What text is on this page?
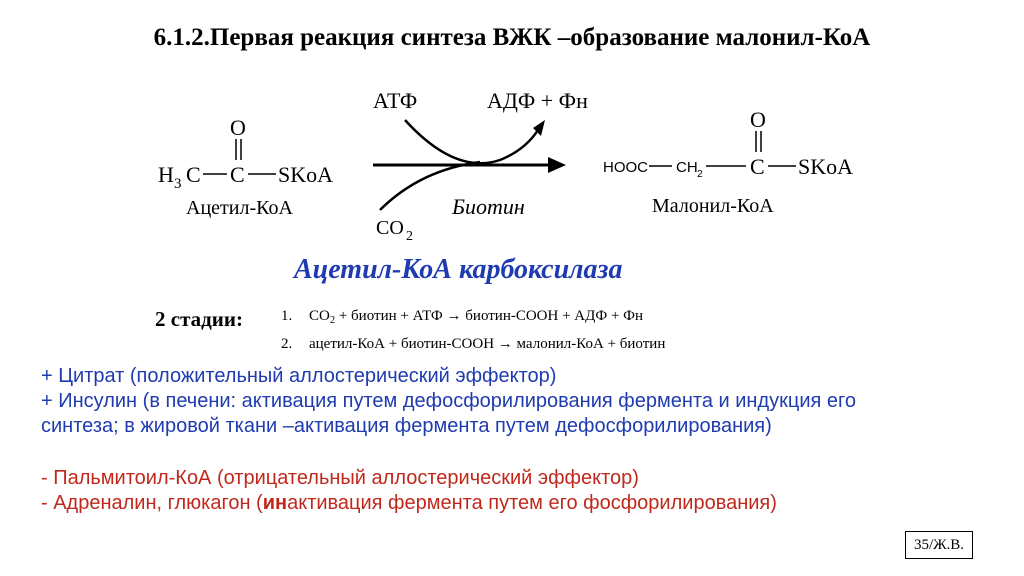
6.1.2.Первая реакция синтеза ВЖК –образование малонил-КоА
H 3 C C
O
SKoA
АТФ	АДФ + Фн
Ацетил-КоА
CO 2
Биотин
HOOC CH 2 C
O
SKoA
Малонил-КоА
Ацетил-КоА карбоксилаза
2 стадии:	1. $CO_2$ + биотин + АТФ → биотин-СООН + АДФ + Фн
2. ацетил-КоА + биотин-СООН → малонил-КоА + биотин
+ Цитрат (положительный аллостерический эффектор)
+ Инсулин (в печени: активация путем дефосфорилирования фермента и индукция его
синтеза; в жировой ткани –активация фермента путем дефосфорилирования)
- Пальмитоил-КоА (отрицательный аллостерический эффектор)
- Адреналин, глюкагон (инактивация фермента путем его фосфорилирования)
35/Ж.В.
